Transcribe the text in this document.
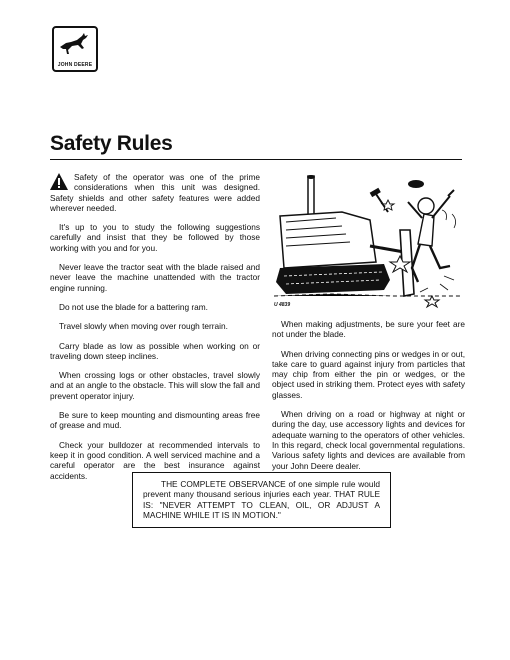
JOHN DEERE
Safety Rules

Safety of the operator was one of the prime considerations when this unit was designed. Safety shields and other safety features were added wherever needed.

It's up to you to study the following suggestions carefully and insist that they be followed by those working with you and for you.

Never leave the tractor seat with the blade raised and never leave the machine unattended with the tractor engine running.

Do not use the blade for a battering ram.

Travel slowly when moving over rough terrain.

Carry blade as low as possible when working on or traveling down steep inclines.

When crossing logs or other obstacles, travel slowly and at an angle to the obstacle. This will slow the fall and prevent operator injury.

Be sure to keep mounting and dismounting areas free of grease and mud.

Check your bulldozer at recommended intervals to keep it in good condition. A well serviced machine and a careful operator are the best insurance against accidents.

U 4839

When making adjustments, be sure your feet are not under the blade.

When driving connecting pins or wedges in or out, take care to guard against injury from particles that may chip from either the pin or wedges, or the object used in striking them. Protect eyes with safety glasses.

When driving on a road or highway at night or during the day, use accessory lights and devices for adequate warning to the operators of other vehicles. In this regard, check local governmental regulations. Various safety lights and devices are available from your John Deere dealer.

THE COMPLETE OBSERVANCE of one simple rule would prevent many thousand serious injuries each year. THAT RULE IS: "NEVER ATTEMPT TO CLEAN, OIL, OR ADJUST A MACHINE WHILE IT IS IN MOTION."
